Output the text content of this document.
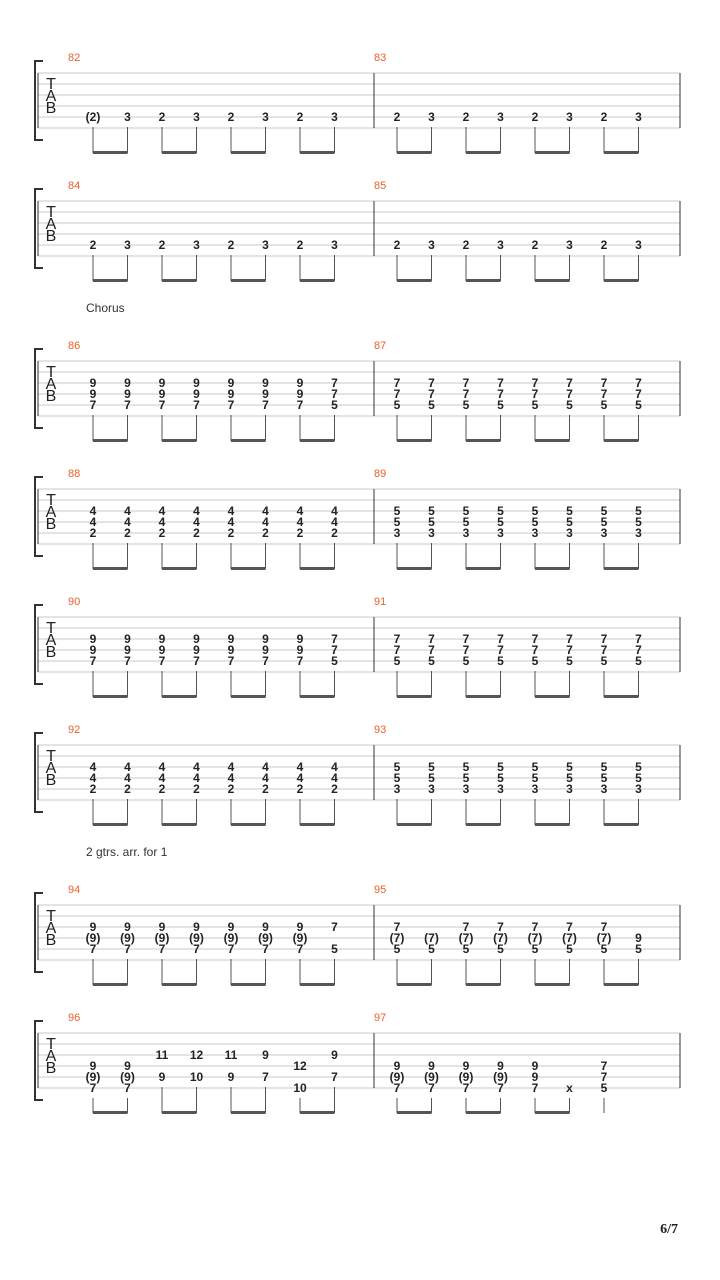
T
A
B
82
(2) 3 2 3 2 3 2 3
83
2 3 2 3 2 3 2 3
T
A
B
84
2 3 2 3 2 3 2 3
85
2 3 2 3 2 3 2 3
T
A
B
Chorus
86
9
9
7
9
9
7
9
9
7
9
9
7
9
9
7
9
9
7
9
9
7
7
7
5
87
7
7
5
7
7
5
7
7
5
7
7
5
7
7
5
7
7
5
7
7
5
7
7
5
T
A
B
88
4
4
2
4
4
2
4
4
2
4
4
2
4
4
2
4
4
2
4
4
2
4
4
2
89
5
5
3
5
5
3
5
5
3
5
5
3
5
5
3
5
5
3
5
5
3
5
5
3
T
A
B
90
9
9
7
9
9
7
9
9
7
9
9
7
9
9
7
9
9
7
9
9
7
7
7
5
91
7
7
5
7
7
5
7
7
5
7
7
5
7
7
5
7
7
5
7
7
5
7
7
5
T
A
B
92
4
4
2
4
4
2
4
4
2
4
4
2
4
4
2
4
4
2
4
4
2
4
4
2
93
5
5
3
5
5
3
5
5
3
5
5
3
5
5
3
5
5
3
5
5
3
5
5
3
T
A
B
2 gtrs. arr. for 1
94
9
(9)
7
9
(9)
7
9
(9)
7
9
(9)
7
9
(9)
7
9
(9)
7
9
(9)
7
7
5
95
7
(7)
5
(7)
5
7
(7)
5
7
(7)
5
7
(7)
5
7
(7)
5
7
(7)
5
9
5
T
A
B
96
9
(9)
7
9
(9)
7
11
9
12
10
11
9
9
7
12
10
9
7
97
9
(9)
7
9
(9)
7
9
(9)
7
9
(9)
7
9
9
7 x
7
7
5
6/7
